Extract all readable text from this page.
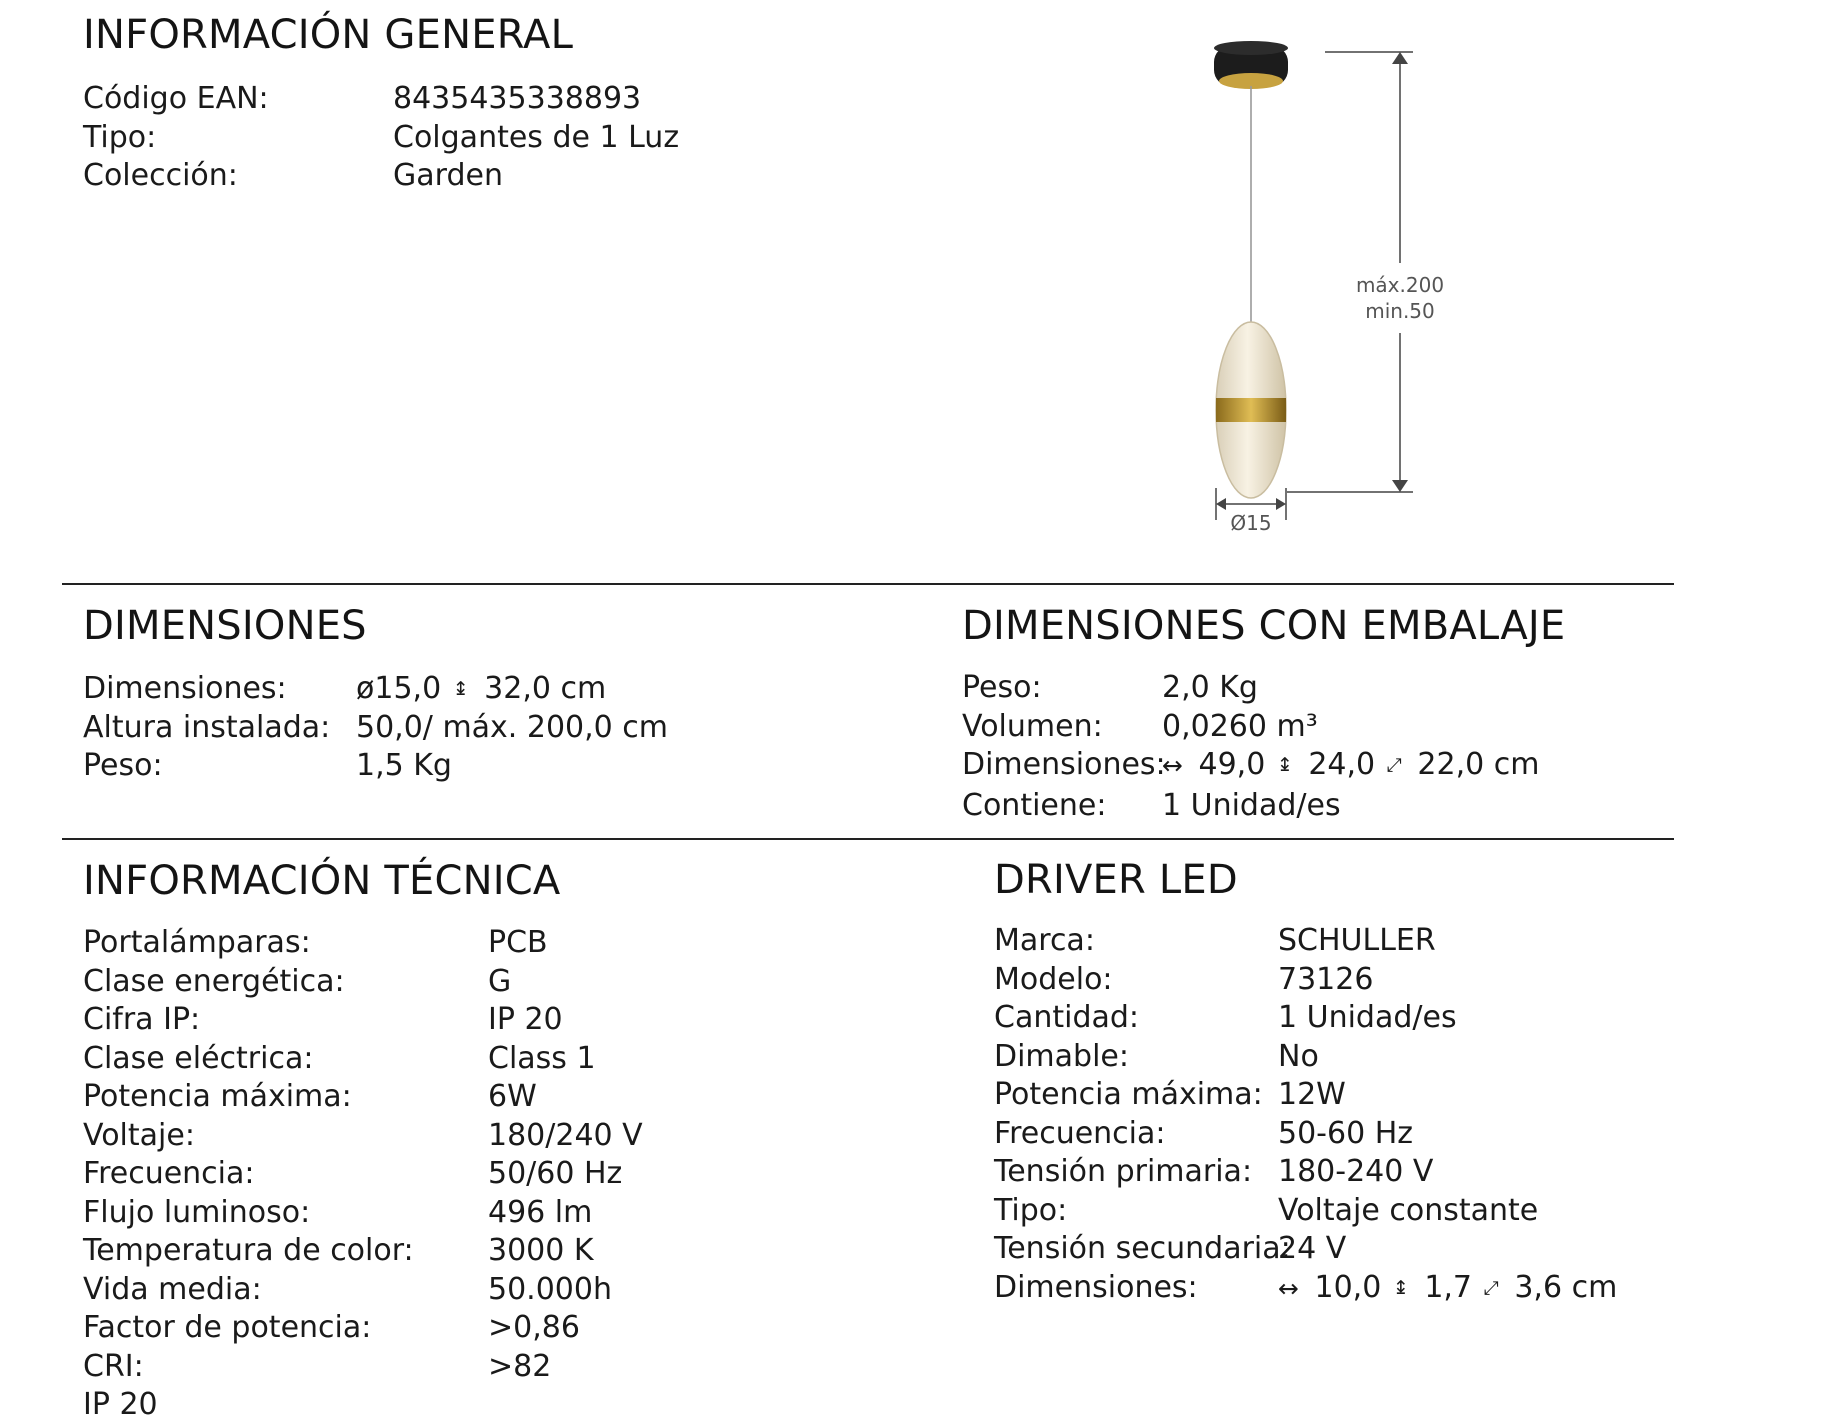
INFORMACIÓN GENERAL
Código EAN:	8435435338893
Tipo:	Colgantes de 1 Luz
Colección:	Garden
máx.200
min.50
Ø15
DIMENSIONES
Dimensiones:	ø15,0 ↨ 32,0 cm
Altura instalada: 50,0/ máx. 200,0 cm
Peso:	1,5 Kg
DIMENSIONES CON EMBALAJE
Peso:	2,0 Kg
Volumen:	0,0260 m³
Dimensiones:
↔ 49,0 ↨ 24,0 ⤢ 22,0 cm
Contiene:	1 Unidad/es
INFORMACIÓN TÉCNICA
Portalámparas:	PCB
Clase energética:	G
Cifra IP:	IP 20
Clase eléctrica:	Class 1
Potencia máxima:	6W
Voltaje:	180/240 V
Frecuencia:	50/60 Hz
Flujo luminoso:	496 lm
Temperatura de color:	3000 K
Vida media:	50.000h
Factor de potencia:	>0,86
CRI:	>82
IP 20
DRIVER LED
Marca:	SCHULLER
Modelo:	73126
Cantidad:	1 Unidad/es
Dimable:	No
Potencia máxima: 12W
Frecuencia:	50-60 Hz
Tensión primaria: 180-240 V
Tipo:	Voltaje constante
Tensión secundaria:
24 V
Dimensiones:	↔ 10,0 ↨ 1,7 ⤢ 3,6 cm
